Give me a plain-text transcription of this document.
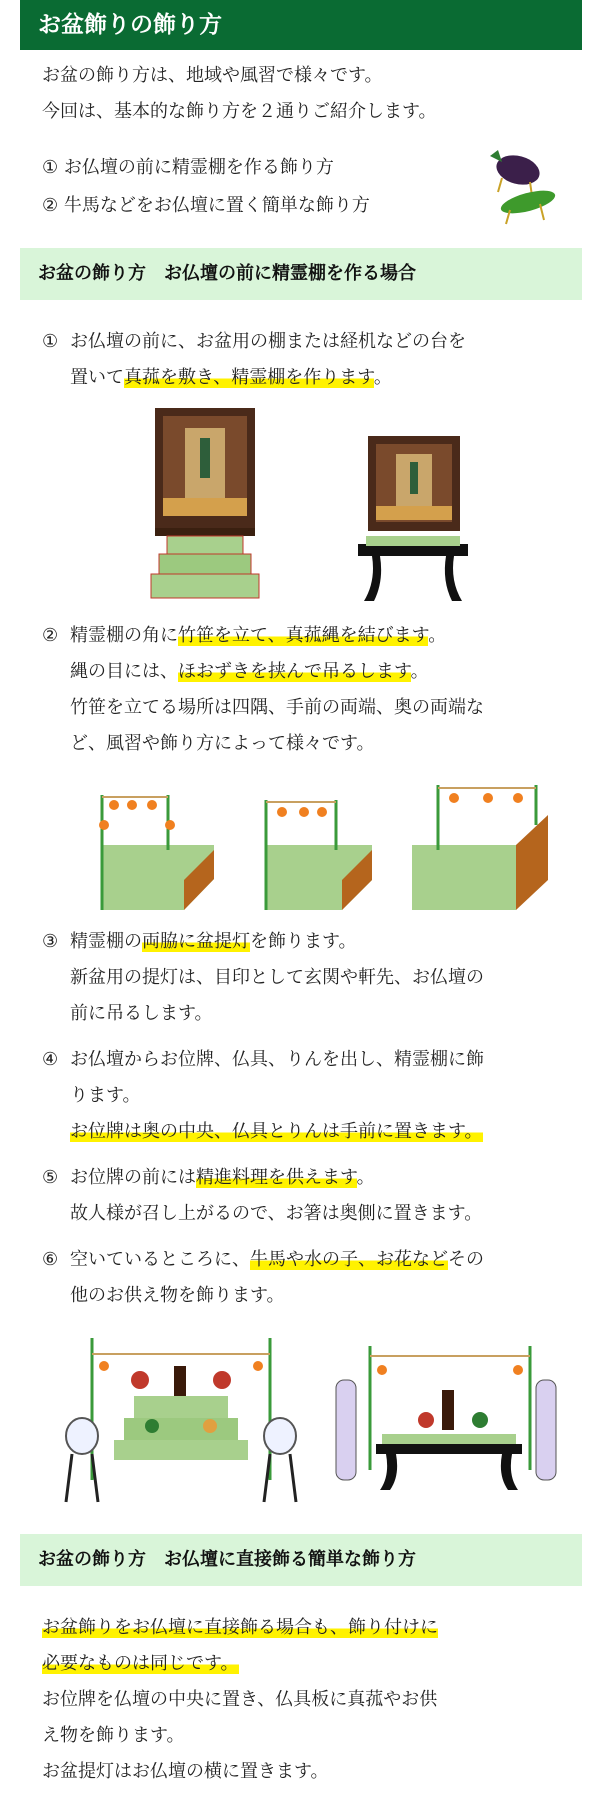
お盆飾りの飾り方
お盆の飾り方は、地域や風習で様々です。
今回は、基本的な飾り方を２通りご紹介します。
① お仏壇の前に精霊棚を作る飾り方
② 牛馬などをお仏壇に置く簡単な飾り方
お盆の飾り方　お仏壇の前に精霊棚を作る場合
① お仏壇の前に、お盆用の棚または経机などの台を
置いて真菰を敷き、精霊棚を作ります。
② 精霊棚の角に竹笹を立て、真菰縄を結びます。
縄の目には、ほおずきを挟んで吊るします。
竹笹を立てる場所は四隅、手前の両端、奥の両端な
ど、風習や飾り方によって様々です。
③ 精霊棚の両脇に盆提灯を飾ります。
新盆用の提灯は、目印として玄関や軒先、お仏壇の
前に吊るします。
④ お仏壇からお位牌、仏具、りんを出し、精霊棚に飾
ります。
お位牌は奥の中央、仏具とりんは手前に置きます。
⑤ お位牌の前には精進料理を供えます。
故人様が召し上がるので、お箸は奥側に置きます。
⑥ 空いているところに、牛馬や水の子、お花などその
他のお供え物を飾ります。
お盆の飾り方　お仏壇に直接飾る簡単な飾り方
お盆飾りをお仏壇に直接飾る場合も、飾り付けに
必要なものは同じです。
お位牌を仏壇の中央に置き、仏具板に真菰やお供
え物を飾ります。
お盆提灯はお仏壇の横に置きます。
